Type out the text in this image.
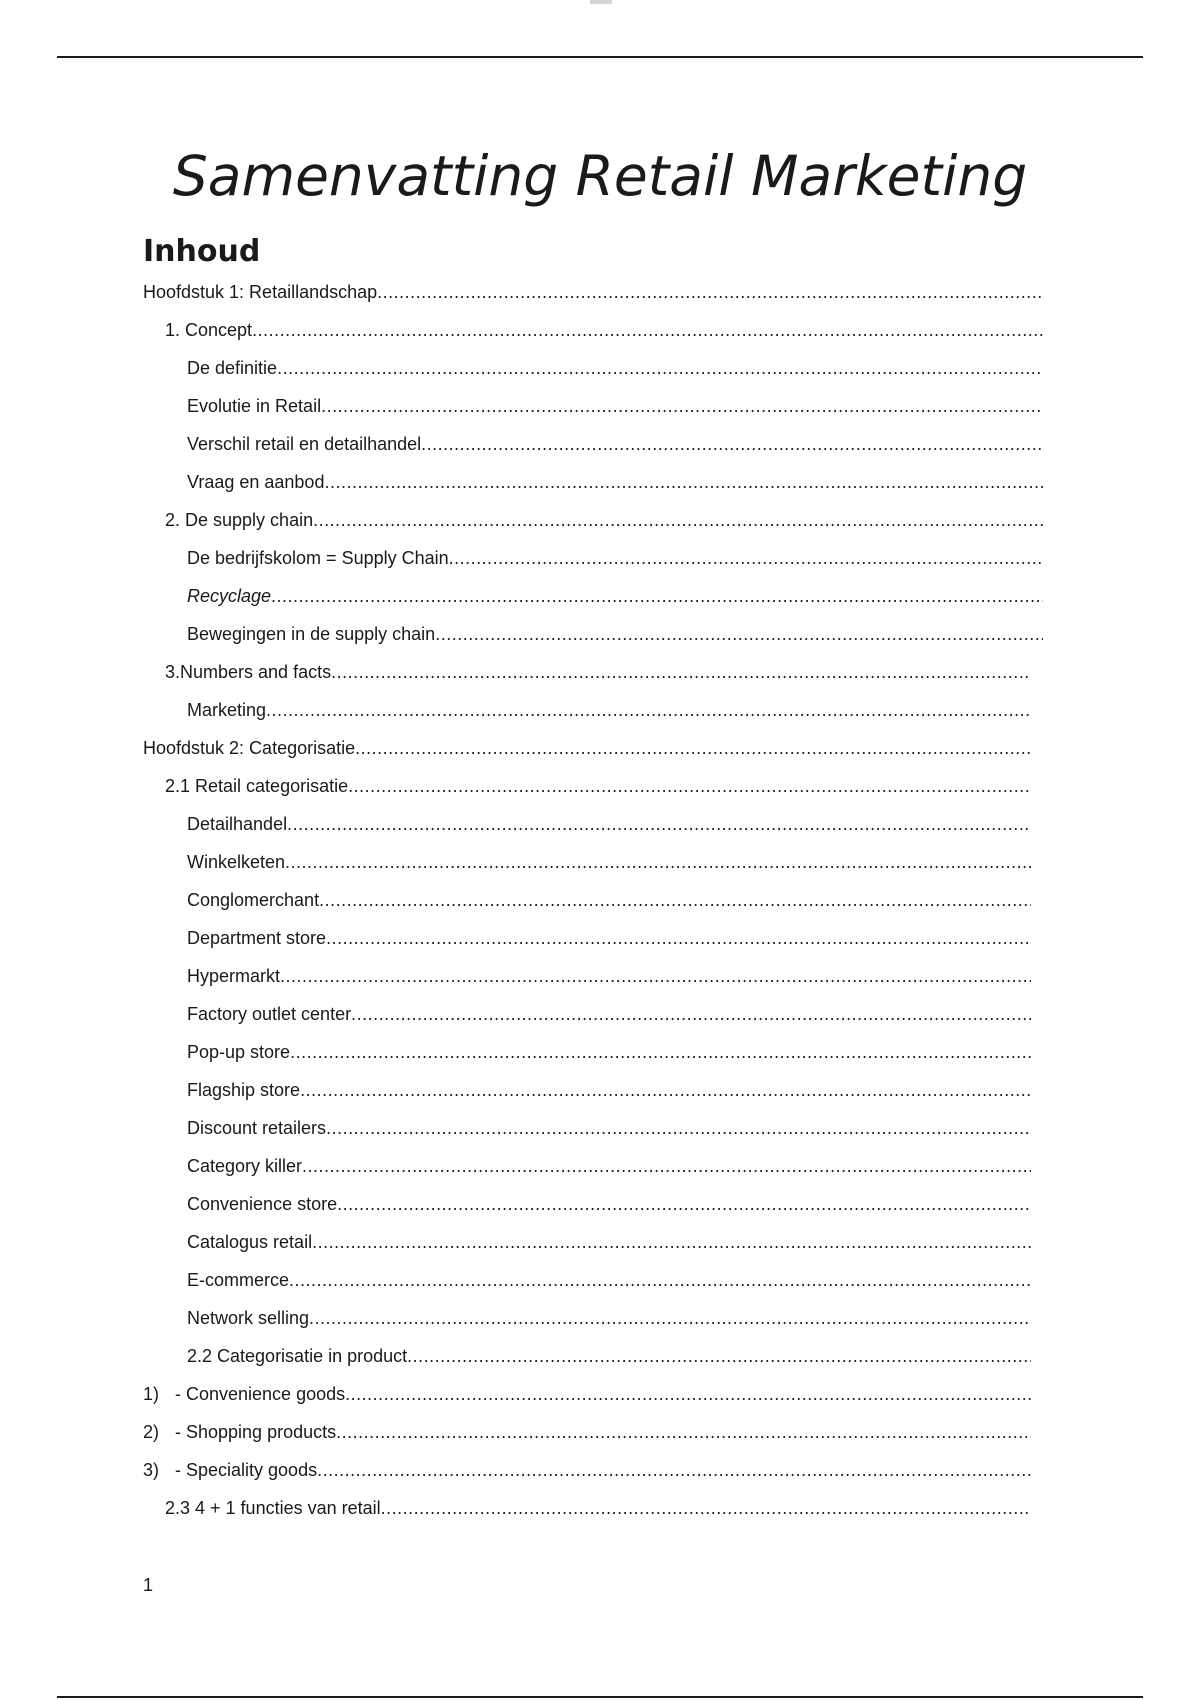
Samenvatting Retail Marketing
Inhoud
Hoofdstuk 1: Retaillandschap
.....
1. Concept
.....
De definitie
.....
Evolutie in Retail
.....
Verschil retail en detailhandel
.....
Vraag en aanbod
.....
2. De supply chain
.....
De bedrijfskolom = Supply Chain
.....
Recyclage
.....
Bewegingen in de supply chain
.....
3.Numbers and facts
.....
Marketing
.....
Hoofdstuk 2: Categorisatie
.....
2.1 Retail categorisatie
.....
Detailhandel
.....
Winkelketen
.....
Conglomerchant
.....
Department store
.....
Hypermarkt
.....
Factory outlet center
.....
Pop-up store
.....
Flagship store
.....
Discount retailers
.....
Category killer
.....
Convenience store
.....
Catalogus retail
.....
E-commerce
.....
Network selling
.....
2.2 Categorisatie in product
.....
1) - Convenience goods
.....
2) - Shopping products
.....
3) - Speciality goods
.....
2.3 4 + 1 functies van retail
.....
1
